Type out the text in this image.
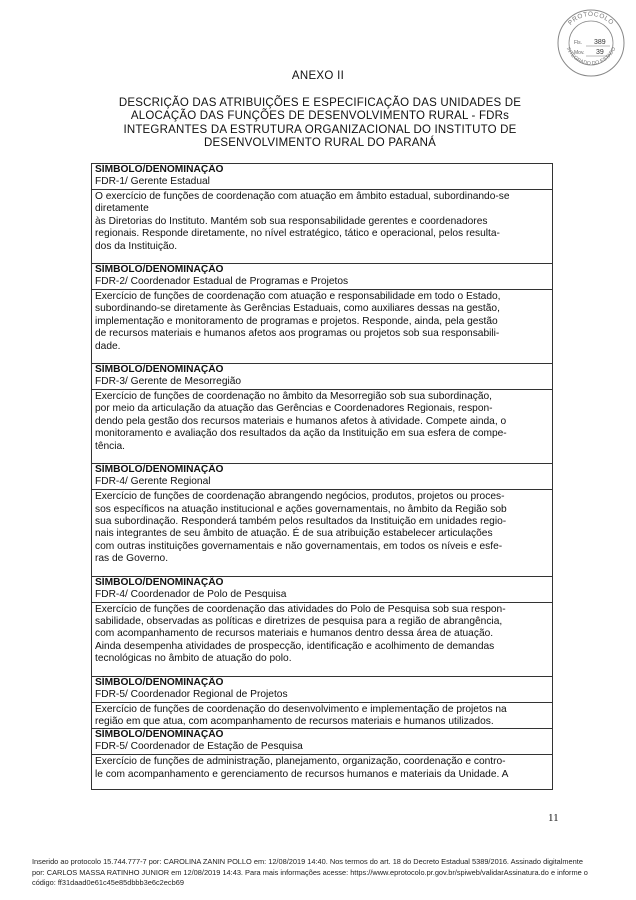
PROTOCOLO
INTEGRADO DO ESTADO
Fls. 389
Mov. 39
ANEXO II
DESCRIÇÃO DAS ATRIBUIÇÕES E ESPECIFICAÇÃO DAS UNIDADES DE
ALOCAÇÃO DAS FUNÇÕES DE DESENVOLVIMENTO RURAL - FDRs
INTEGRANTES DA ESTRUTURA ORGANIZACIONAL DO INSTITUTO DE
DESENVOLVIMENTO RURAL DO PARANÁ
SÍMBOLO/DENOMINAÇÃO
FDR-1/ Gerente Estadual
O exercício de funções de coordenação com atuação em âmbito estadual, subordinando-se diretamente
às Diretorias do Instituto. Mantém sob sua responsabilidade gerentes e coordenadores
regionais. Responde diretamente, no nível estratégico, tático e operacional, pelos resulta-
dos da Instituição.
SÍMBOLO/DENOMINAÇÃO
FDR-2/ Coordenador Estadual de Programas e Projetos
Exercício de funções de coordenação com atuação e responsabilidade em todo o Estado,
subordinando-se diretamente às Gerências Estaduais, como auxiliares dessas na gestão,
implementação e monitoramento de programas e projetos. Responde, ainda, pela gestão
de recursos materiais e humanos afetos aos programas ou projetos sob sua responsabili-
dade.
SÍMBOLO/DENOMINAÇÃO
FDR-3/ Gerente de Mesorregião
Exercício de funções de coordenação no âmbito da Mesorregião sob sua subordinação,
por meio da articulação da atuação das Gerências e Coordenadores Regionais, respon-
dendo pela gestão dos recursos materiais e humanos afetos à atividade. Compete ainda, o
monitoramento e avaliação dos resultados da ação da Instituição em sua esfera de compe-
tência.
SÍMBOLO/DENOMINAÇÃO
FDR-4/ Gerente Regional
Exercício de funções de coordenação abrangendo negócios, produtos, projetos ou proces-
sos específicos na atuação institucional e ações governamentais, no âmbito da Região sob
sua subordinação. Responderá também pelos resultados da Instituição em unidades regio-
nais integrantes de seu âmbito de atuação. É de sua atribuição estabelecer articulações
com outras instituições governamentais e não governamentais, em todos os níveis e esfe-
ras de Governo.
SÍMBOLO/DENOMINAÇÃO
FDR-4/ Coordenador de Polo de Pesquisa
Exercício de funções de coordenação das atividades do Polo de Pesquisa sob sua respon-
sabilidade, observadas as políticas e diretrizes de pesquisa para a região de abrangência,
com acompanhamento de recursos materiais e humanos dentro dessa área de atuação.
Ainda desempenha atividades de prospecção, identificação e acolhimento de demandas
tecnológicas no âmbito de atuação do polo.
SÍMBOLO/DENOMINAÇÃO
FDR-5/ Coordenador Regional de Projetos
Exercício de funções de coordenação do desenvolvimento e implementação de projetos na
região em que atua, com acompanhamento de recursos materiais e humanos utilizados.
SÍMBOLO/DENOMINAÇÃO
FDR-5/ Coordenador de Estação de Pesquisa
Exercício de funções de administração, planejamento, organização, coordenação e contro-
le com acompanhamento e gerenciamento de recursos humanos e materiais da Unidade. A
11
Inserido ao protocolo 15.744.777-7 por: CAROLINA ZANIN POLLO em: 12/08/2019 14:40. Nos termos do art. 18 do Decreto Estadual 5389/2016. Assinado digitalmente
por: CARLOS MASSA RATINHO JUNIOR em 12/08/2019 14:43. Para mais informações acesse: https://www.eprotocolo.pr.gov.br/spiweb/validarAssinatura.do e informe o
código: ff31daad0e61c45e85dbbb3e6c2ecb69
